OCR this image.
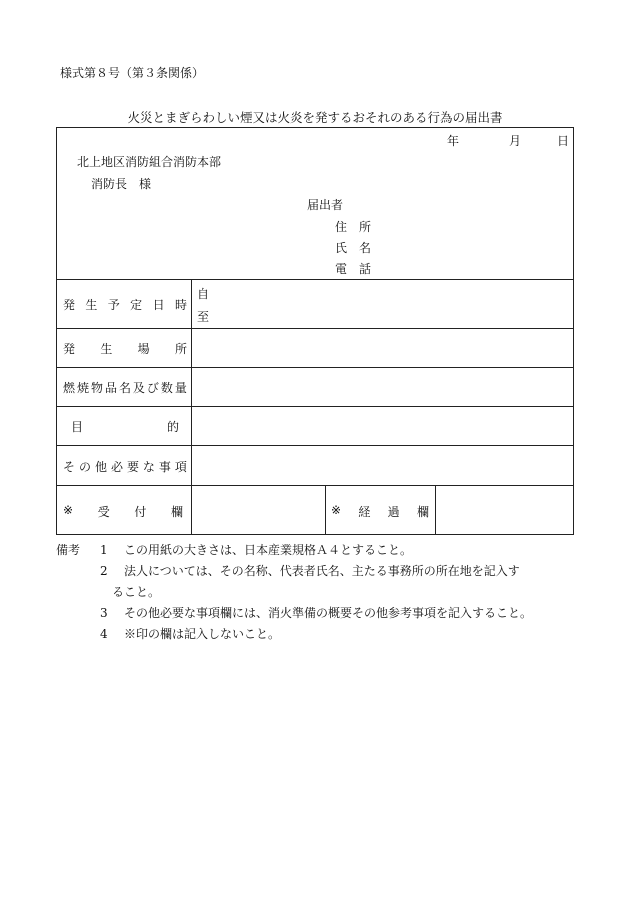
様式第８号（第３条関係）
火災とまぎらわしい煙又は火炎を発するおそれのある行為の届出書
年	月	日
北上地区消防組合消防本部
消防長　様
届出者
住　所
氏　名
電　話
発 生 予 定 日 時
自
至
発 生 場 所
燃 焼 物 品 名 及 び 数 量
目	的
そ の 他 必 要 な 事 項
※ 受 付 欄	※ 経 過 欄
備考 1 この用紙の大きさは、日本産業規格Ａ４とすること。
2 法人については、その名称、代表者氏名、主たる事務所の所在地を記入す
ること。
3 その他必要な事項欄には、消火準備の概要その他参考事項を記入すること。
4 ※印の欄は記入しないこと。
